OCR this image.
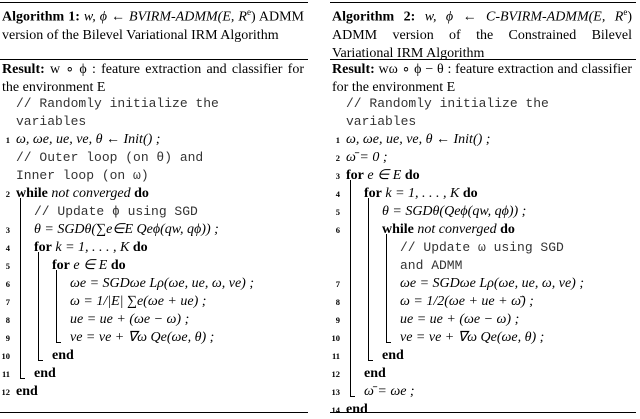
Algorithm 1: w, ϕ ← BVIRM-ADMM(E, $R^e$) ADMM version of the Bilevel Variational IRM Algorithm
Result: w ∘ ϕ : feature extraction and classifier for the environment E
// Randomly initialize the
variables
1 ω, ωe, ue, ve, θ ← Init() ;
// Outer loop (on θ) and
Inner loop (on ω)
2 while not converged do
// Update ϕ using SGD
3 θ = SGDθ(∑e∈E Qeϕ(qw, qϕ)) ;
4 for k = 1, . . . , K do
5	for e ∈ E do
6	ωe = SGDωe Lρ(ωe, ue, ω, ve) ;
7	ω = 1/|E| ∑e(ωe + ue) ;
8	ue = ue + (ωe − ω) ;
9	ve = ve + ∇ω Qe(ωe, θ) ;
10	end
11 end
12 end
Algorithm 2: w, ϕ ← C-BVIRM-ADMM(E, $R^e$) ADMM version of the Constrained Bilevel Variational IRM Algorithm
Result: wω ∘ ϕ − θ : feature extraction and classifier for the environment E
// Randomly initialize the
variables
1 ω, ωe, ue, ve, θ ← Init() ;
2 ω̄ = 0 ;
3 for e ∈ E do
4 for k = 1, . . . , K do
5	θ = SGDθ(Qeϕ(qw, qϕ)) ;
6	while not converged do
// Update ω using SGD
and ADMM
7	ωe = SGDωe Lρ(ωe, ue, ω, ve) ;
8	ω = 1/2(ωe + ue + ω̄) ;
9	ue = ue + (ωe − ω) ;
10	ve = ve + ∇ω Qe(ωe, θ) ;
11	end
12 end
13 ω̄ = ωe ;
14 end
